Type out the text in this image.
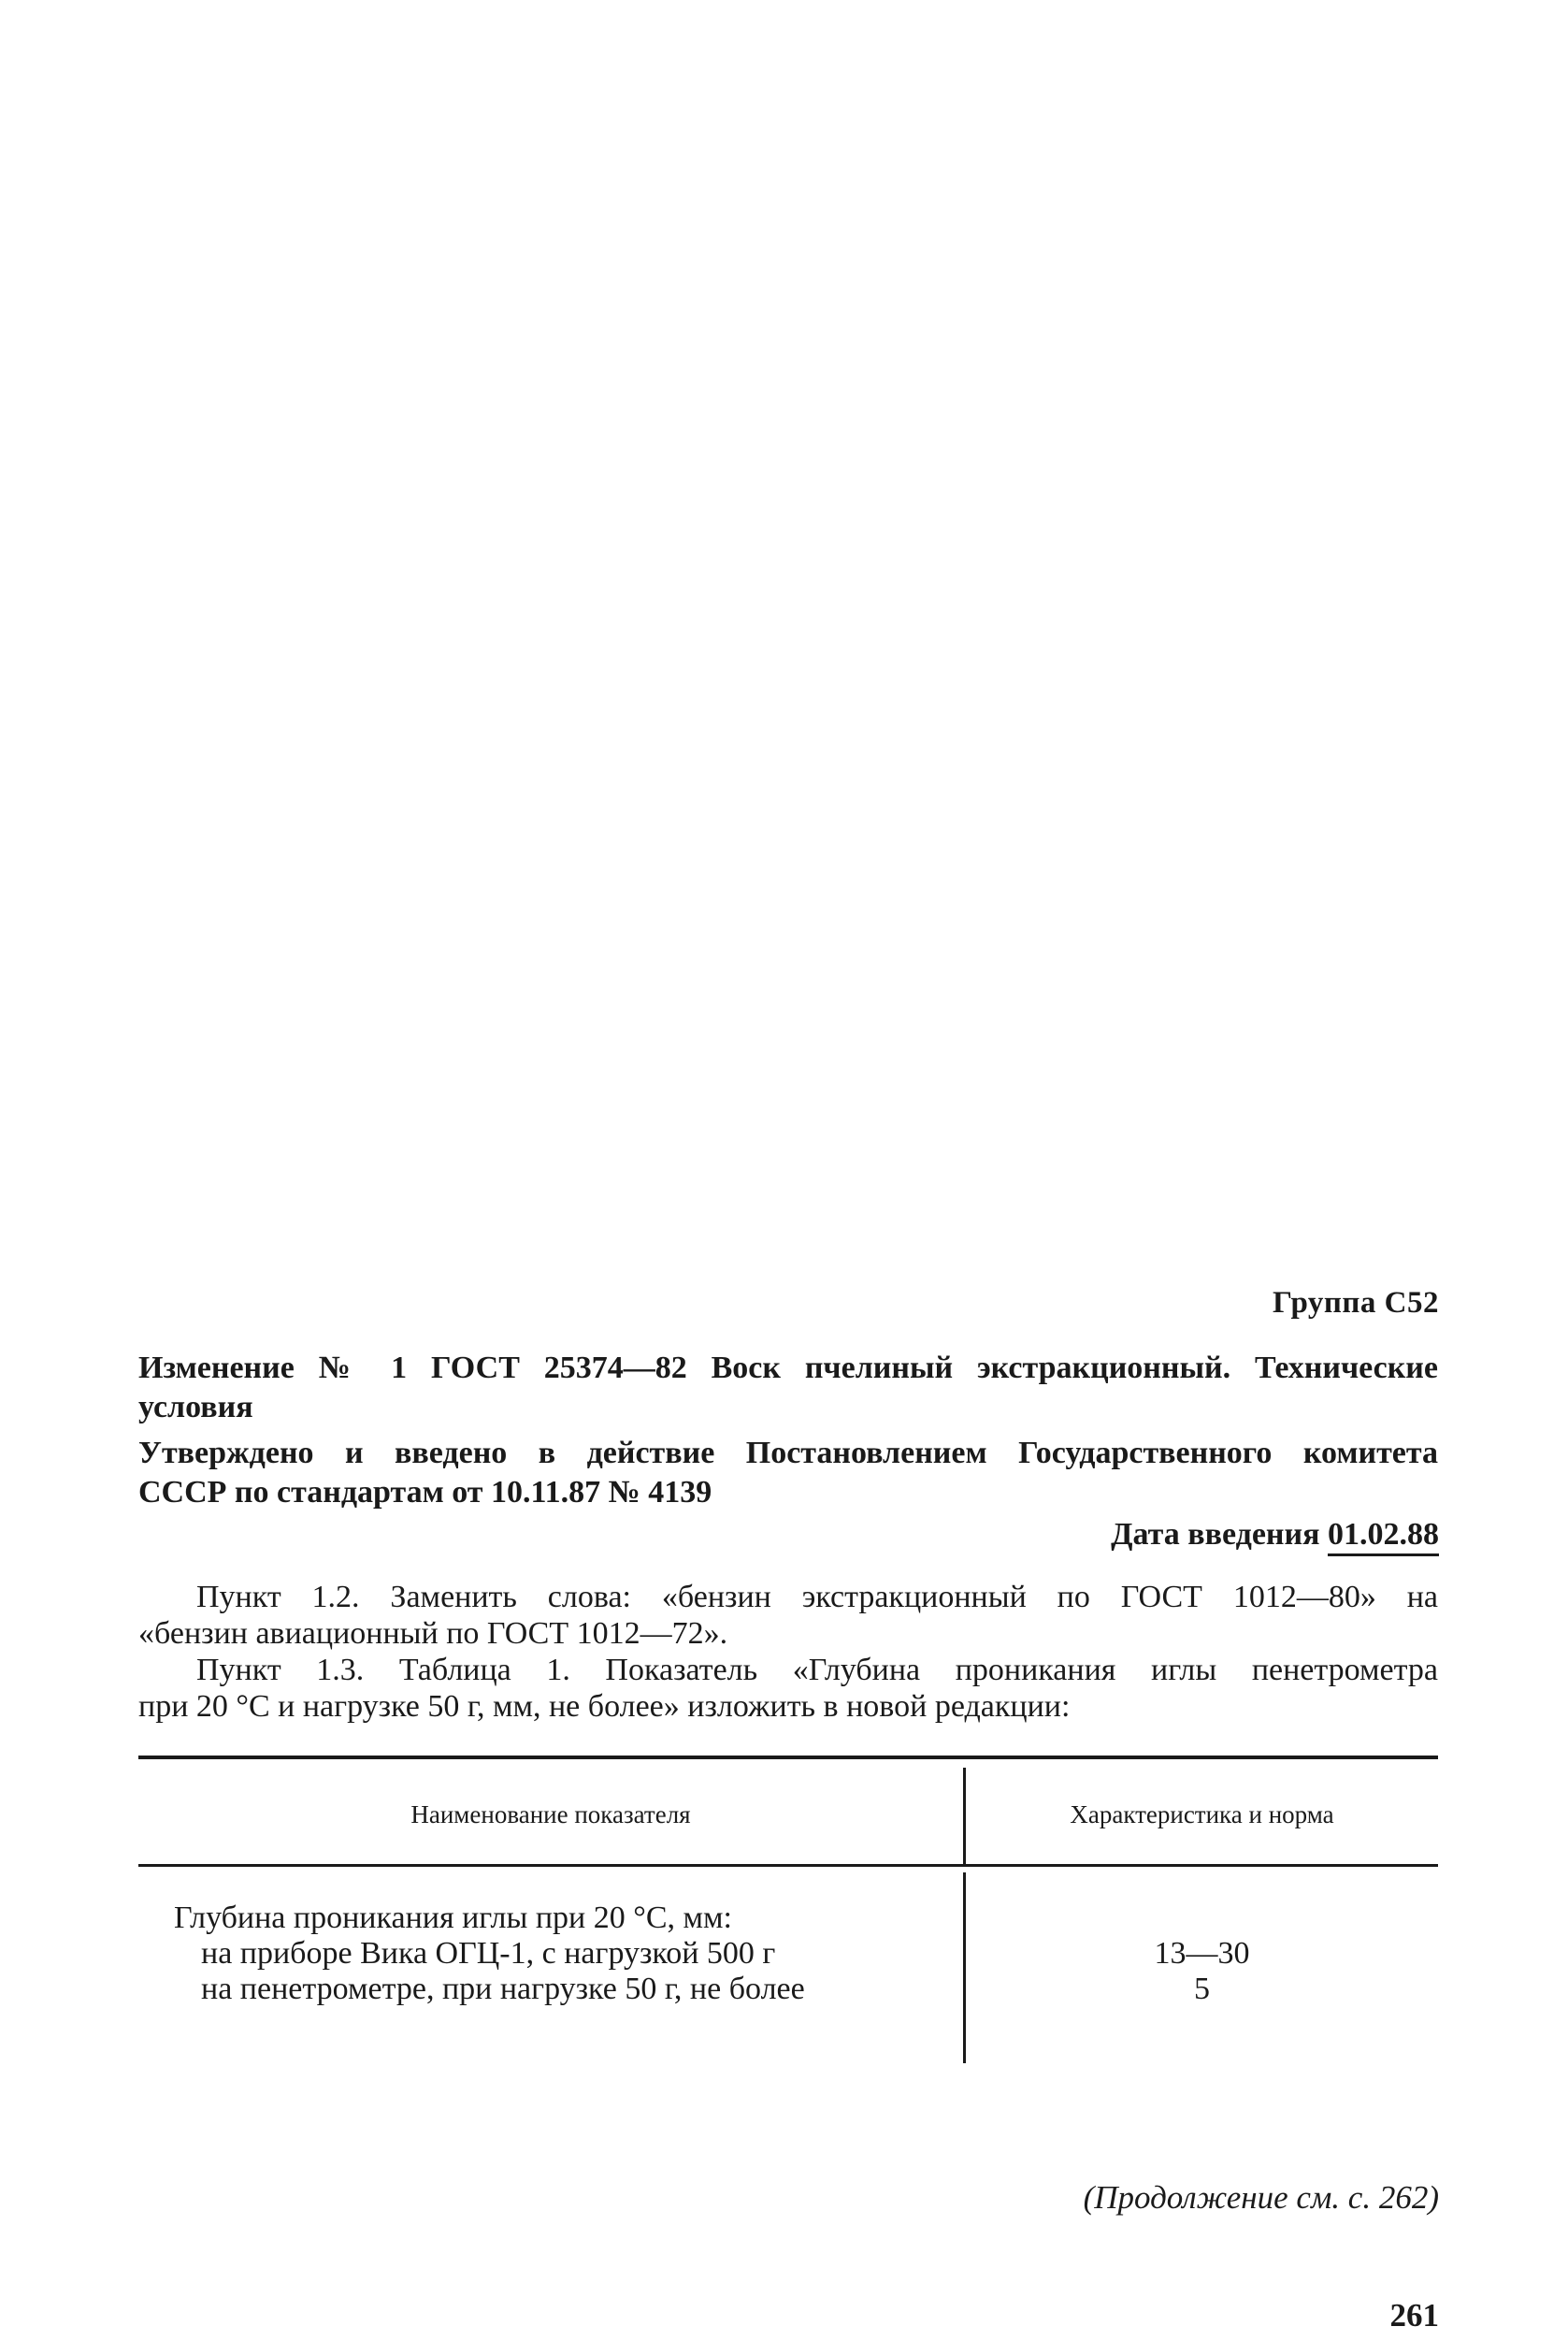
Группа С52
Изменение № 1 ГОСТ 25374—82 Воск пчелиный экстракционный. Технические
условия
Утверждено и введено в действие Постановлением Государственного комитета
СССР по стандартам от 10.11.87 № 4139
Дата введения 01.02.88
Пункт 1.2. Заменить слова: «бензин экстракционный по ГОСТ 1012—80» на
«бензин авиационный по ГОСТ 1012—72».
Пункт 1.3. Таблица 1. Показатель «Глубина проникания иглы пенетрометра
при 20 °С и нагрузке 50 г, мм, не более» изложить в новой редакции:
Наименование показателя	Характеристика и норма
Глубина проникания иглы при 20 °С, мм:
на приборе Вика ОГЦ-1, с нагрузкой 500 г
на пенетрометре, при нагрузке 50 г, не более
13—30
5
(Продолжение см. с. 262)
261
